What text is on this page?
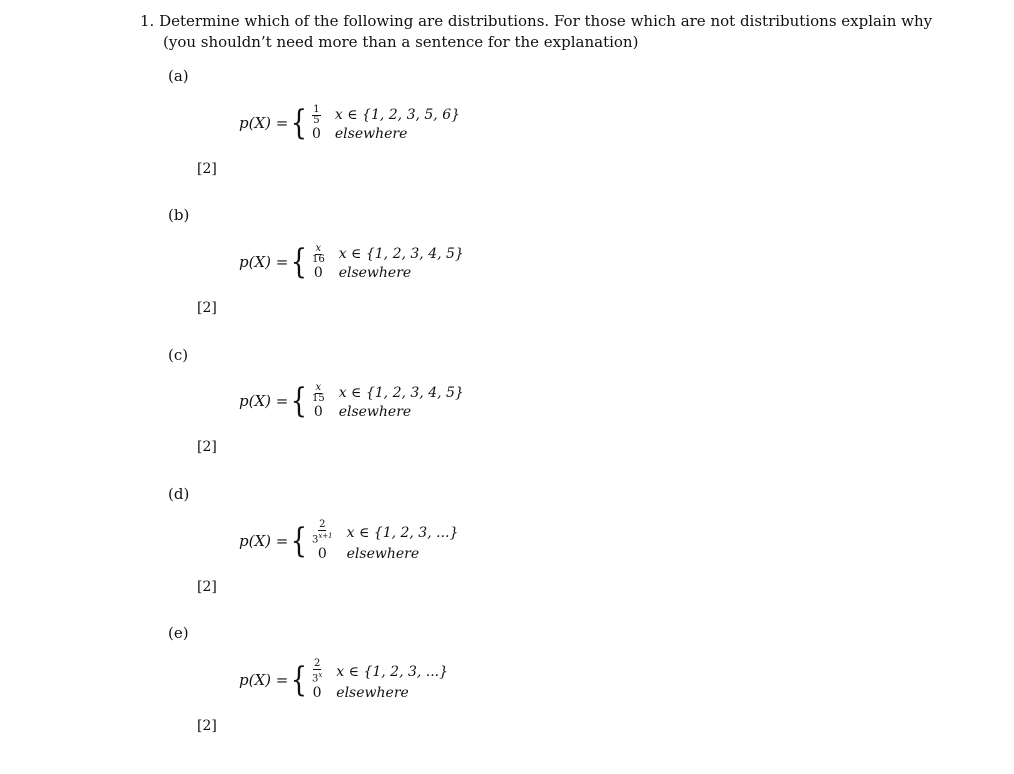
1. Determine which of the following are distributions. For those which are not distributions explain why
(you shouldn’t need more than a sentence for the explanation)
(a)
p(X) = { $\frac{1}{5}$ x ∈ {1, 2, 3, 5, 6}
0 elsewhere
[2]
(b)
p(X) = { $\frac{x}{16}$ x ∈ {1, 2, 3, 4, 5}
0 elsewhere
[2]
(c)
p(X) = { $\frac{x}{15}$ x ∈ {1, 2, 3, 4, 5}
0 elsewhere
[2]
(d)
p(X) = { $\frac{2}{3^{x+1}}$ x ∈ {1, 2, 3, ...}
0	elsewhere
[2]
(e)
p(X) = { $\frac{2}{3^x}$ x ∈ {1, 2, 3, ...}
0 elsewhere
[2]
